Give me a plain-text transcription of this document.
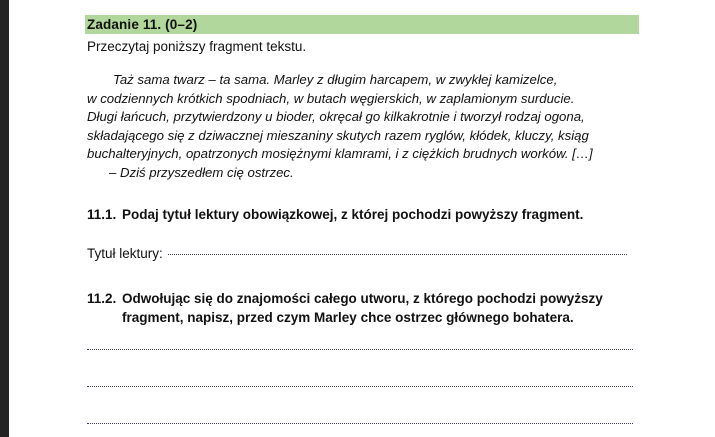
Zadanie 11. (0–2)
Przeczytaj poniższy fragment tekstu.
Taż sama twarz – ta sama. Marley z długim harcapem, w zwykłej kamizelce,
w codziennych krótkich spodniach, w butach węgierskich, w zaplamionym surducie.
Długi łańcuch, przytwierdzony u bioder, okręcał go kilkakrotnie i tworzył rodzaj ogona,
składającego się z dziwacznej mieszaniny skutych razem ryglów, kłódek, kluczy, ksiąg
buchalteryjnych, opatrzonych mosiężnymi klamrami, i z ciężkich brudnych worków. […]
– Dziś przyszedłem cię ostrzec.
11.1. Podaj tytuł lektury obowiązkowej, z której pochodzi powyższy fragment.
Tytuł lektury:
11.2. Odwołując się do znajomości całego utworu, z którego pochodzi powyższy fragment, napisz, przed czym Marley chce ostrzec głównego bohatera.
